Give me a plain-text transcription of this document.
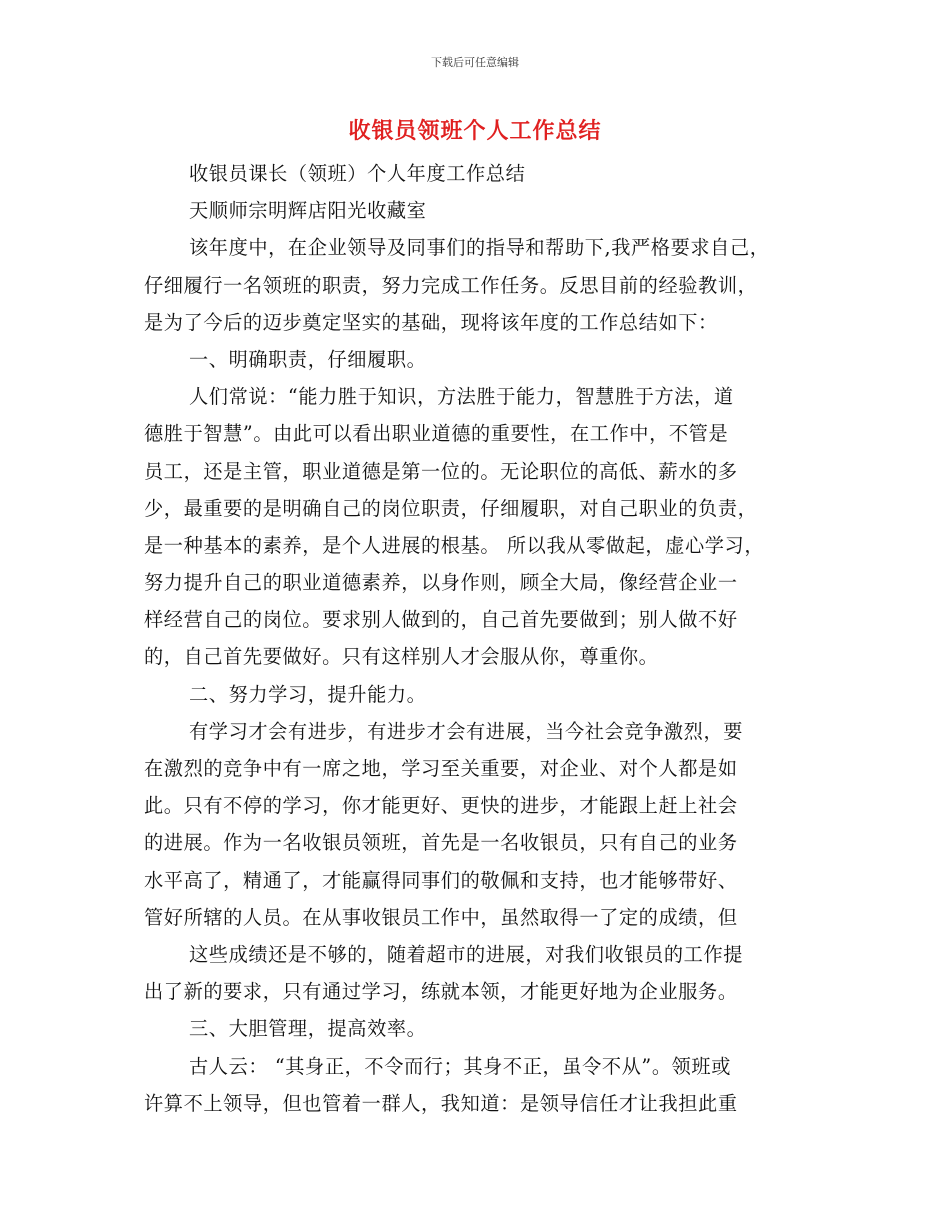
下载后可任意编辑
收银员领班个人工作总结
收银员课长（领班）个人年度工作总结
天顺师宗明辉店阳光收藏室
该年度中，在企业领导及同事们的指导和帮助下,我严格要求自己，
仔细履行一名领班的职责，努力完成工作任务。反思目前的经验教训，
是为了今后的迈步奠定坚实的基础，现将该年度的工作总结如下：
一、明确职责，仔细履职。
人们常说：“能力胜于知识，方法胜于能力，智慧胜于方法，道
德胜于智慧”。由此可以看出职业道德的重要性，在工作中，不管是
员工，还是主管，职业道德是第一位的。无论职位的高低、薪水的多
少，最重要的是明确自己的岗位职责，仔细履职，对自己职业的负责，
是一种基本的素养，是个人进展的根基。 所以我从零做起，虚心学习，
努力提升自己的职业道德素养，以身作则，顾全大局，像经营企业一
样经营自己的岗位。要求别人做到的，自己首先要做到；别人做不好
的，自己首先要做好。只有这样别人才会服从你，尊重你。
二、努力学习，提升能力。
有学习才会有进步，有进步才会有进展，当今社会竞争激烈，要
在激烈的竞争中有一席之地，学习至关重要，对企业、对个人都是如
此。只有不停的学习，你才能更好、更快的进步，才能跟上赶上社会
的进展。作为一名收银员领班，首先是一名收银员，只有自己的业务
水平高了，精通了，才能赢得同事们的敬佩和支持，也才能够带好、
管好所辖的人员。在从事收银员工作中，虽然取得一了定的成绩，但
这些成绩还是不够的，随着超市的进展，对我们收银员的工作提
出了新的要求，只有通过学习，练就本领，才能更好地为企业服务。
三、大胆管理，提高效率。
古人云： “其身正，不令而行；其身不正，虽令不从”。领班或
许算不上领导，但也管着一群人，我知道：是领导信任才让我担此重
